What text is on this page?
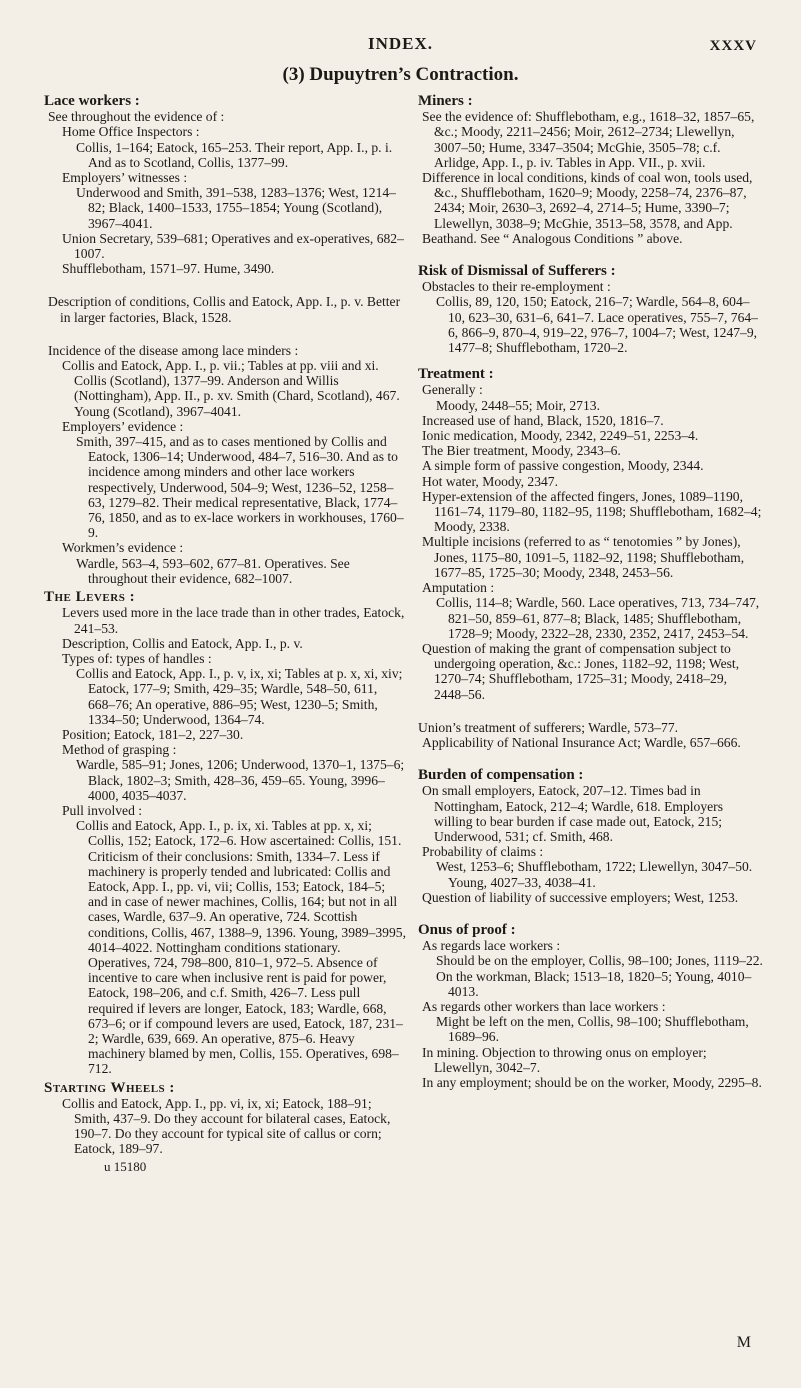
INDEX.	XXXV
(3) Dupuytren’s Contraction.

Lace workers :

See throughout the evidence of :

Home Office Inspectors :

Collis, 1–164; Eatock, 165–253. Their report, App. I., p. i. And as to Scotland, Collis, 1377–99.

Employers’ witnesses :

Underwood and Smith, 391–538, 1283–1376; West, 1214–82; Black, 1400–1533, 1755–1854; Young (Scotland), 3967–4041.

Union Secretary, 539–681; Operatives and ex-operatives, 682–1007.

Shufflebotham, 1571–97. Hume, 3490.

Description of conditions, Collis and Eatock, App. I., p. v. Better in larger factories, Black, 1528.

Incidence of the disease among lace minders :

Collis and Eatock, App. I., p. vii.; Tables at pp. viii and xi. Collis (Scotland), 1377–99. Anderson and Willis (Nottingham), App. II., p. xv. Smith (Chard, Scotland), 467. Young (Scotland), 3967–4041.

Employers’ evidence :

Smith, 397–415, and as to cases mentioned by Collis and Eatock, 1306–14; Underwood, 484–7, 516–30. And as to incidence among minders and other lace workers respectively, Underwood, 504–9; West, 1236–52, 1258–63, 1279–82. Their medical representative, Black, 1774–76, 1850, and as to ex-lace workers in workhouses, 1760–9.

Workmen’s evidence :

Wardle, 563–4, 593–602, 677–81. Operatives. See throughout their evidence, 682–1007.

The Levers :

Levers used more in the lace trade than in other trades, Eatock, 241–53.

Description, Collis and Eatock, App. I., p. v.

Types of: types of handles :

Collis and Eatock, App. I., p. v, ix, xi; Tables at p. x, xi, xiv; Eatock, 177–9; Smith, 429–35; Wardle, 548–50, 611, 668–76; An operative, 886–95; West, 1230–5; Smith, 1334–50; Underwood, 1364–74.

Position; Eatock, 181–2, 227–30.

Method of grasping :

Wardle, 585–91; Jones, 1206; Underwood, 1370–1, 1375–6; Black, 1802–3; Smith, 428–36, 459–65. Young, 3996–4000, 4035–4037.

Pull involved :

Collis and Eatock, App. I., p. ix, xi. Tables at pp. x, xi; Collis, 152; Eatock, 172–6. How ascertained: Collis, 151. Criticism of their conclusions: Smith, 1334–7. Less if machinery is properly tended and lubricated: Collis and Eatock, App. I., pp. vi, vii; Collis, 153; Eatock, 184–5; and in case of newer machines, Collis, 164; but not in all cases, Wardle, 637–9. An operative, 724. Scottish conditions, Collis, 467, 1388–9, 1396. Young, 3989–3995, 4014–4022. Nottingham conditions stationary. Operatives, 724, 798–800, 810–1, 972–5. Absence of incentive to care when inclusive rent is paid for power, Eatock, 198–206, and c.f. Smith, 426–7. Less pull required if levers are longer, Eatock, 183; Wardle, 668, 673–6; or if compound levers are used, Eatock, 187, 231–2; Wardle, 639, 669. An operative, 875–6. Heavy machinery blamed by men, Collis, 155. Operatives, 698–712.

Starting Wheels :

Collis and Eatock, App. I., pp. vi, ix, xi; Eatock, 188–91; Smith, 437–9. Do they account for bilateral cases, Eatock, 190–7. Do they account for typical site of callus or corn; Eatock, 189–97.

u 15180

Miners :

See the evidence of: Shufflebotham, e.g., 1618–32, 1857–65, &c.; Moody, 2211–2456; Moir, 2612–2734; Llewellyn, 3007–50; Hume, 3347–3504; McGhie, 3505–78; c.f. Arlidge, App. I., p. iv. Tables in App. VII., p. xvii.

Difference in local conditions, kinds of coal won, tools used, &c., Shufflebotham, 1620–9; Moody, 2258–74, 2376–87, 2434; Moir, 2630–3, 2692–4, 2714–5; Hume, 3390–7; Llewellyn, 3038–9; McGhie, 3513–58, 3578, and App.

Beathand. See “ Analogous Conditions ” above.

Risk of Dismissal of Sufferers :

Obstacles to their re-employment :

Collis, 89, 120, 150; Eatock, 216–7; Wardle, 564–8, 604–10, 623–30, 631–6, 641–7. Lace operatives, 755–7, 764–6, 866–9, 870–4, 919–22, 976–7, 1004–7; West, 1247–9, 1477–8; Shufflebotham, 1720–2.

Treatment :

Generally :

Moody, 2448–55; Moir, 2713.

Increased use of hand, Black, 1520, 1816–7.

Ionic medication, Moody, 2342, 2249–51, 2253–4.

The Bier treatment, Moody, 2343–6.

A simple form of passive congestion, Moody, 2344.

Hot water, Moody, 2347.

Hyper-extension of the affected fingers, Jones, 1089–1190, 1161–74, 1179–80, 1182–95, 1198; Shufflebotham, 1682–4; Moody, 2338.

Multiple incisions (referred to as “ tenotomies ” by Jones), Jones, 1175–80, 1091–5, 1182–92, 1198; Shufflebotham, 1677–85, 1725–30; Moody, 2348, 2453–56.

Amputation :

Collis, 114–8; Wardle, 560. Lace operatives, 713, 734–747, 821–50, 859–61, 877–8; Black, 1485; Shufflebotham, 1728–9; Moody, 2322–28, 2330, 2352, 2417, 2453–54.

Question of making the grant of compensation subject to undergoing operation, &c.: Jones, 1182–92, 1198; West, 1270–74; Shufflebotham, 1725–31; Moody, 2418–29, 2448–56.

Union’s treatment of sufferers; Wardle, 573–77.

Applicability of National Insurance Act; Wardle, 657–666.

Burden of compensation :

On small employers, Eatock, 207–12. Times bad in Nottingham, Eatock, 212–4; Wardle, 618. Employers willing to bear burden if case made out, Eatock, 215; Underwood, 531; cf. Smith, 468.

Probability of claims :

West, 1253–6; Shufflebotham, 1722; Llewellyn, 3047–50. Young, 4027–33, 4038–41.

Question of liability of successive employers; West, 1253.

Onus of proof :

As regards lace workers :

Should be on the employer, Collis, 98–100; Jones, 1119–22.

On the workman, Black; 1513–18, 1820–5; Young, 4010–4013.

As regards other workers than lace workers :

Might be left on the men, Collis, 98–100; Shufflebotham, 1689–96.

In mining. Objection to throwing onus on employer; Llewellyn, 3042–7.

In any employment; should be on the worker, Moody, 2295–8.

M
